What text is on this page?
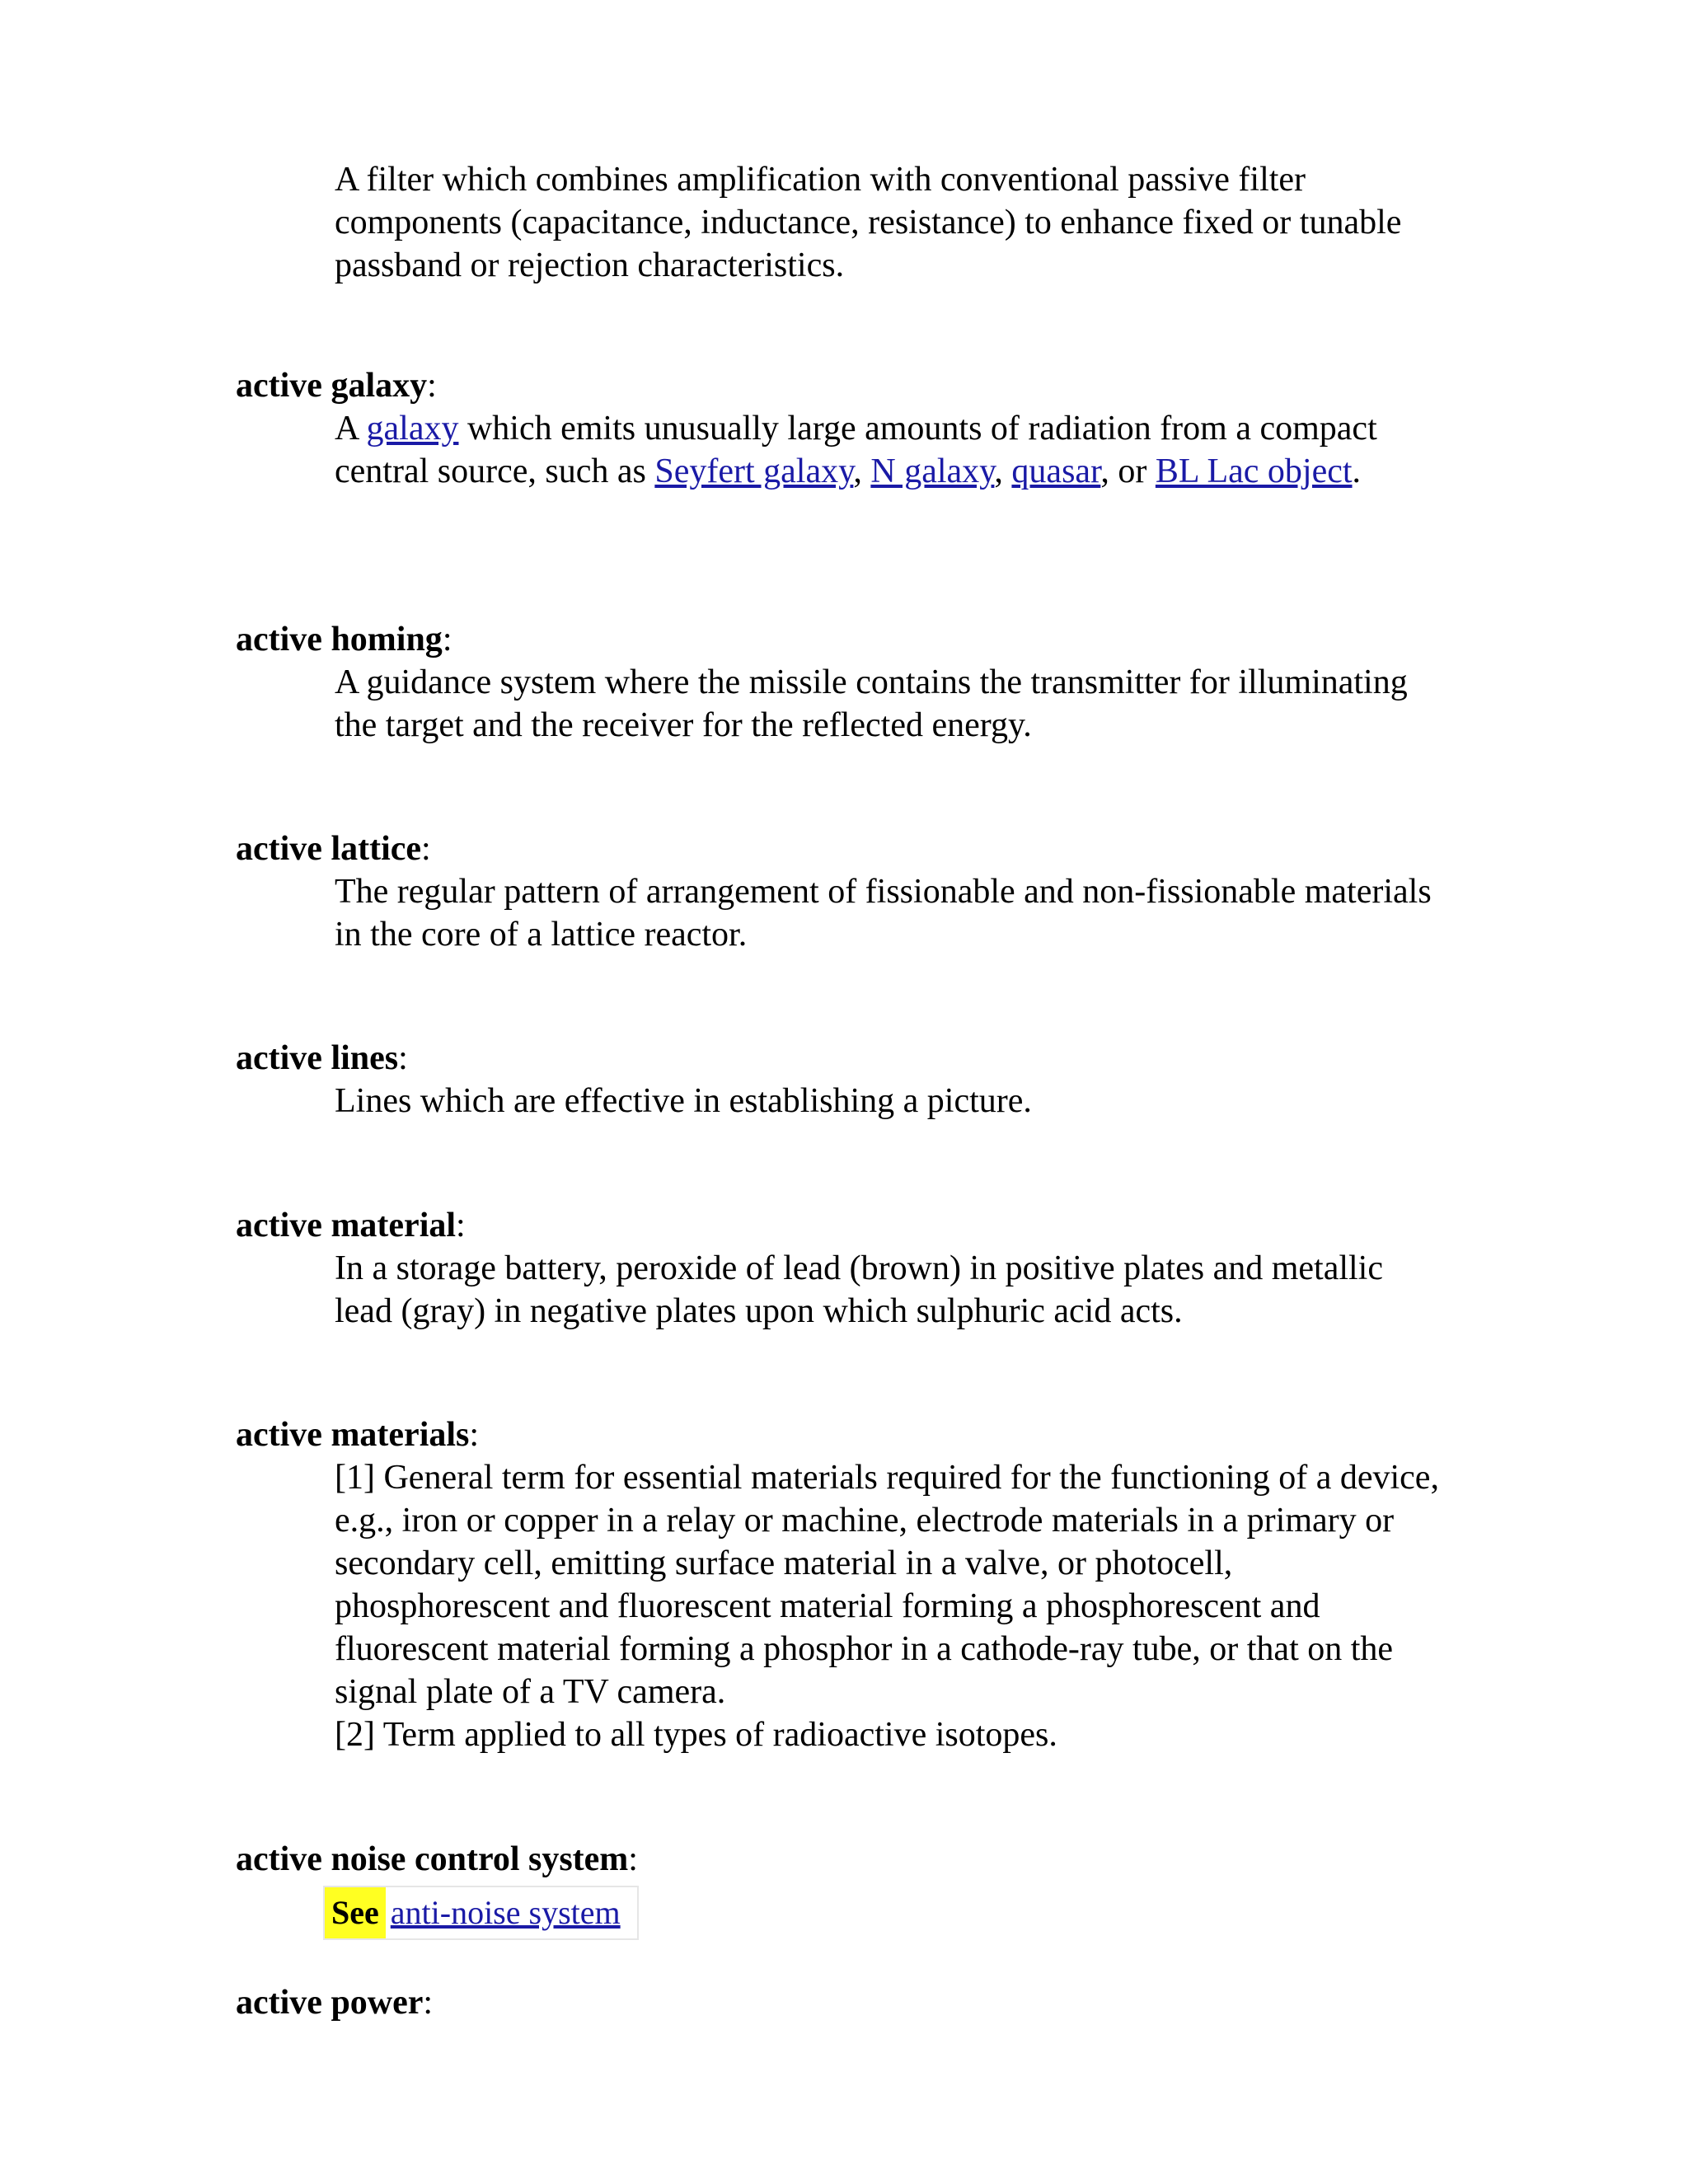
A filter which combines amplification with conventional passive filter components (capacitance, inductance, resistance) to enhance fixed or tunable passband or rejection characteristics.

active galaxy:

A galaxy which emits unusually large amounts of radiation from a compact central source, such as Seyfert galaxy, N galaxy, quasar, or BL Lac object.

active homing:

A guidance system where the missile contains the transmitter for illuminating the target and the receiver for the reflected energy.

active lattice:

The regular pattern of arrangement of fissionable and non-fissionable materials in the core of a lattice reactor.

active lines:

Lines which are effective in establishing a picture.

active material:

In a storage battery, peroxide of lead (brown) in positive plates and metallic lead (gray) in negative plates upon which sulphuric acid acts.

active materials:

[1] General term for essential materials required for the functioning of a device, e.g., iron or copper in a relay or machine, electrode materials in a primary or secondary cell, emitting surface material in a valve, or photocell, phosphorescent and fluorescent material forming a phosphorescent and fluorescent material forming a phosphor in a cathode-ray tube, or that on the signal plate of a TV camera.

[2] Term applied to all types of radioactive isotopes.

active noise control system:

See anti-noise system

active power:
